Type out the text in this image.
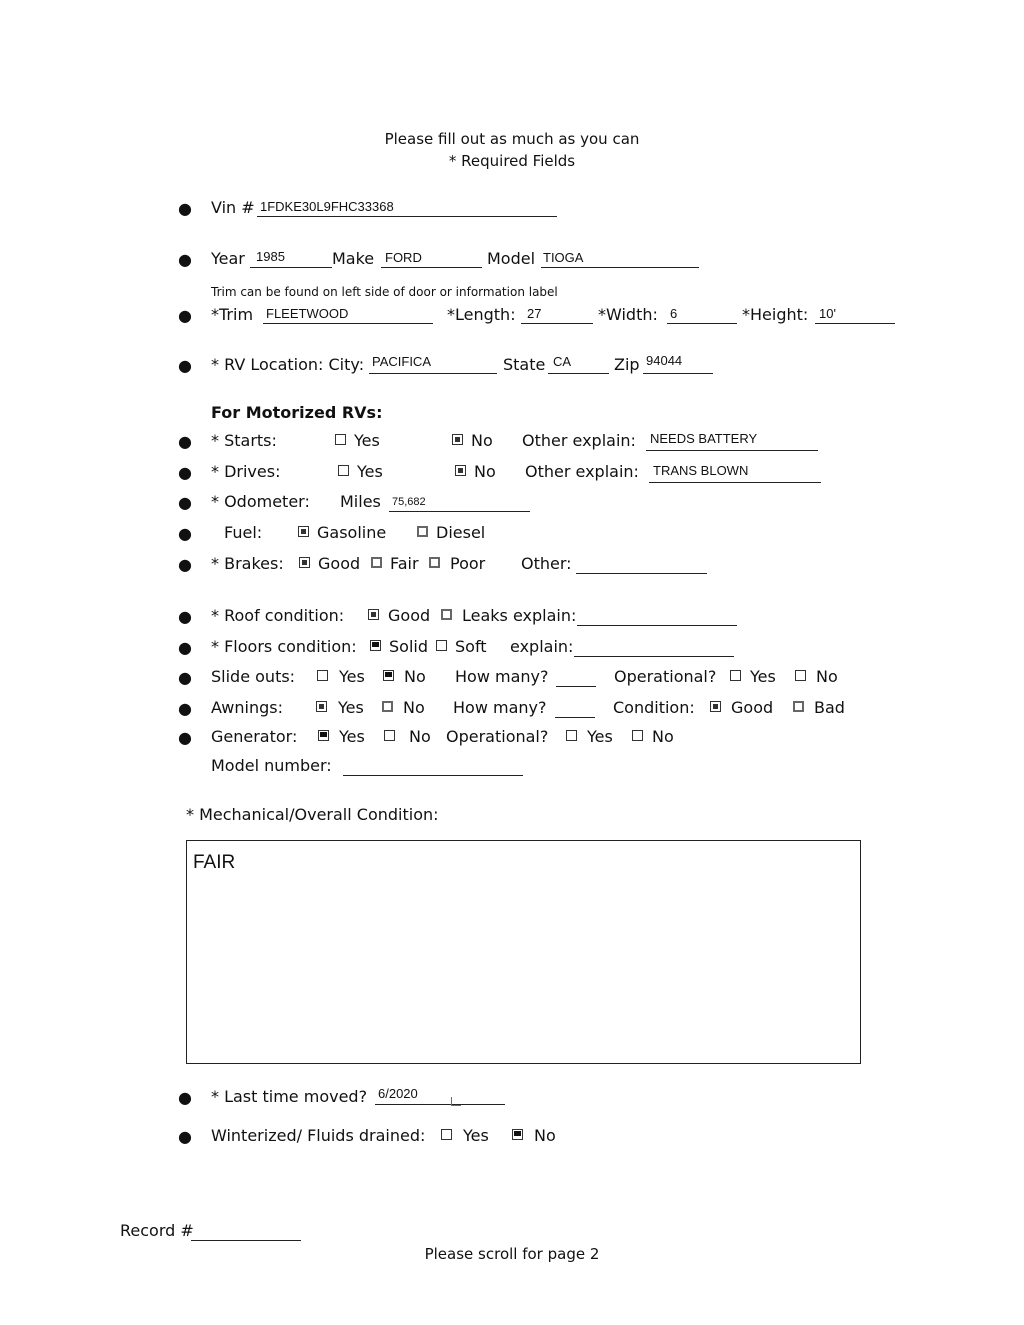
Please fill out as much as you can
* Required Fields
● Vin # 1FDKE30L9FHC33368
● Year 1985	Make FORD	Model TIOGA
Trim can be found on left side of door or information label
● *Trim FLEETWOOD	*Length: 27	*Width: 6	*Height: 10'
● * RV Location: City: PACIFICA	State CA	Zip 94044
For Motorized RVs:
● * Starts:	Yes	No Other explain: NEEDS BATTERY
● * Drives:	Yes	No Other explain: TRANS BLOWN
● * Odometer: Miles 75,682
● Fuel:	Gasoline	Diesel
● * Brakes: Good Fair Poor Other:
● * Roof condition:	Good Leaks explain:
● * Floors condition: Solid Soft explain:
● Slide outs:	Yes No How many?	Operational? Yes	No
● Awnings:	Yes No How many?	Condition: Good	Bad
● Generator:	Yes	No Operational? Yes No
Model number:
* Mechanical/Overall Condition:
FAIR
● * Last time moved? 6/2020
● Winterized/ Fluids drained: Yes	No
Record #
Please scroll for page 2
